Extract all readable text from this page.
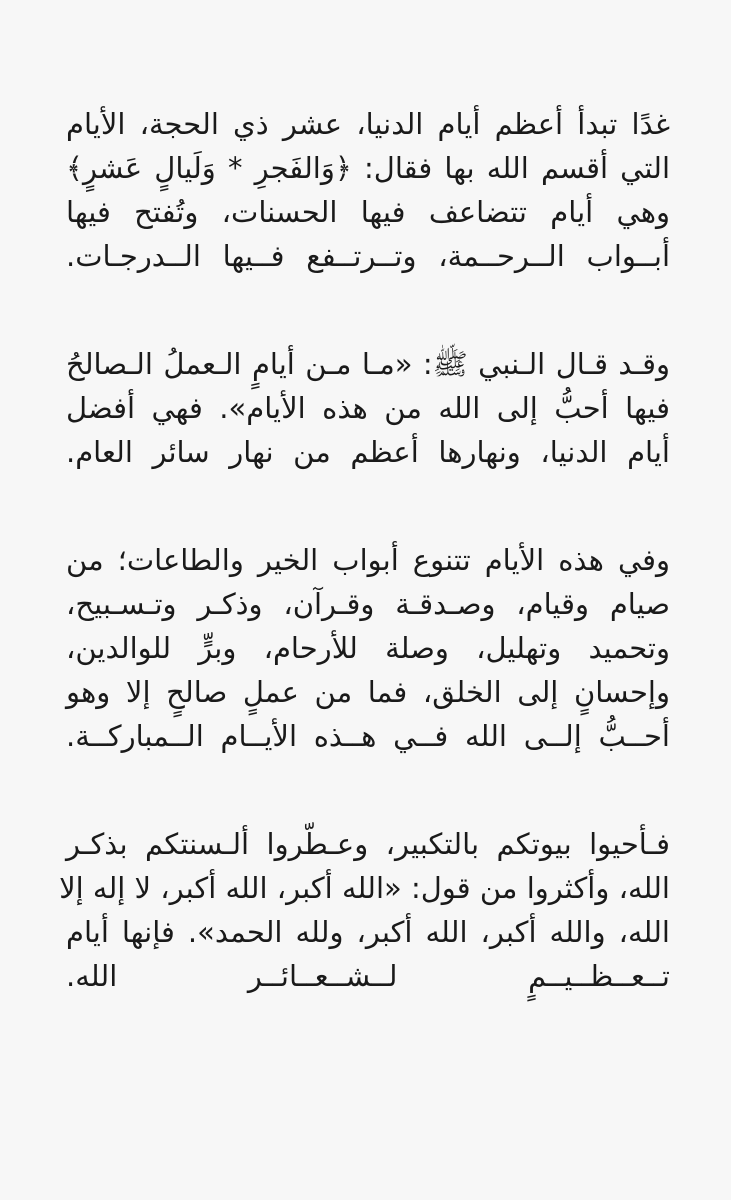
غدًا تبدأ أعظم أيام الدنيا، عشر ذي الحجة، الأيام
التي أقسم الله بها فقال: ﴿وَالفَجرِ * وَلَيالٍ عَشرٍ﴾
وهي أيام تتضاعف فيها الحسنات، وتُفتح فيها
أبــواب الــرحــمة، وتــرتــفع فــيها الــدرجـات.

وقـد قـال الـنبي ﷺ: «مـا مـن أيامٍ الـعملُ الـصالحُ
فيها أحبُّ إلى الله من هذه الأيام». فهي أفضل
أيام الدنيا، ونهارها أعظم من نهار سائر العام.

وفي هذه الأيام تتنوع أبواب الخير والطاعات؛ من
صيام وقيام، وصـدقـة وقـرآن، وذكـر وتـسـبيح،
وتحميد وتهليل، وصلة للأرحام، وبرٍّ للوالدين،
وإحسانٍ إلى الخلق، فما من عملٍ صالحٍ إلا وهو
أحــبُّ إلــى الله فــي هــذه الأيــام الــمباركــة.

فـأحيوا بيوتكم بالتكبير، وعـطّروا ألـسنتكم بذكـر
الله، وأكثروا من قول: «الله أكبر، الله أكبر، لا إله إلا
الله، والله أكبر، الله أكبر، ولله الحمد». فإنها أيام
تــعــظــيــمٍ لــشــعــائــر الله.
